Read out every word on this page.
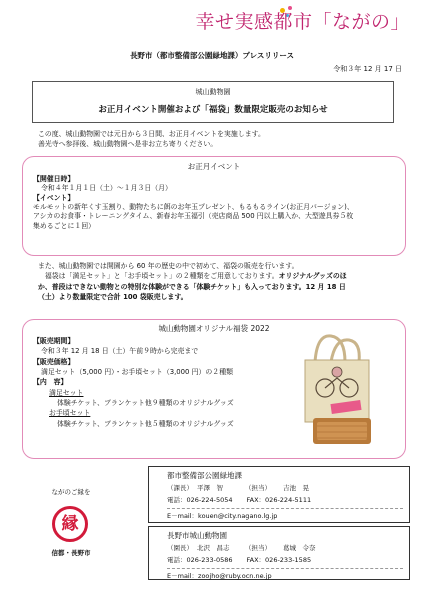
幸せ実感都市「ながの」
長野市（都市整備部公園緑地課）プレスリリース
令和３年 12 月 17 日
城山動物園
お正月イベント開催および「福袋」数量限定販売のお知らせ

この度、城山動物園では元日から３日間、お正月イベントを実施します。

善光寺へ参拝後、城山動物園へ是非お立ち寄りください。

お正月イベント
【開催日時】
令和４年１月１日（土）～１月３日（月）
【イベント】
モルモットの新年くす玉割り、動物たちに餌のお年玉プレゼント、もるもるライン(お正月バージョン)、
アシカのお食事・トレーニングタイム、新春お年玉福引（売店商品 500 円以上購入か、大型遊具券５枚
集めるごとに１回）

また、城山動物園では開園から 60 年の歴史の中で初めて、福袋の販売を行います。

　福袋は「満足セット」と「お手頃セット」の２種類をご用意しております。オリジナルグッズのほ

か、普段はできない動物との特別な体験ができる「体験チケット」も入っております。12 月 18 日

（土）より数量限定で合計 100 袋販売します。

城山動物園オリジナル福袋 2022
【販売期間】
令和３年 12 月 18 日（土）午前９時から完売まで
【販売価格】
満足セット（5,000 円）・お手頃セット（3,000 円）の２種類
【内　容】
満足セット
体験チケット、ブランケット他９種類のオリジナルグッズ
お手頃セット
体験チケット、ブランケット他５種類のオリジナルグッズ
ながのご縁を
縁
信都・長野市
都市整備部公園緑地課
（課長） 平澤　智	（担当）	吉池　晃
電話： 026-224-5054	FAX： 026-224-5111
E－mail： kouen@city.nagano.lg.jp
長野市城山動物園
（園長） 北沢　昌志	（担当）	葛城　令奈
電話： 026-233-0586	FAX： 026-233-1585
E－mail： zoojho@ruby.ocn.ne.jp
